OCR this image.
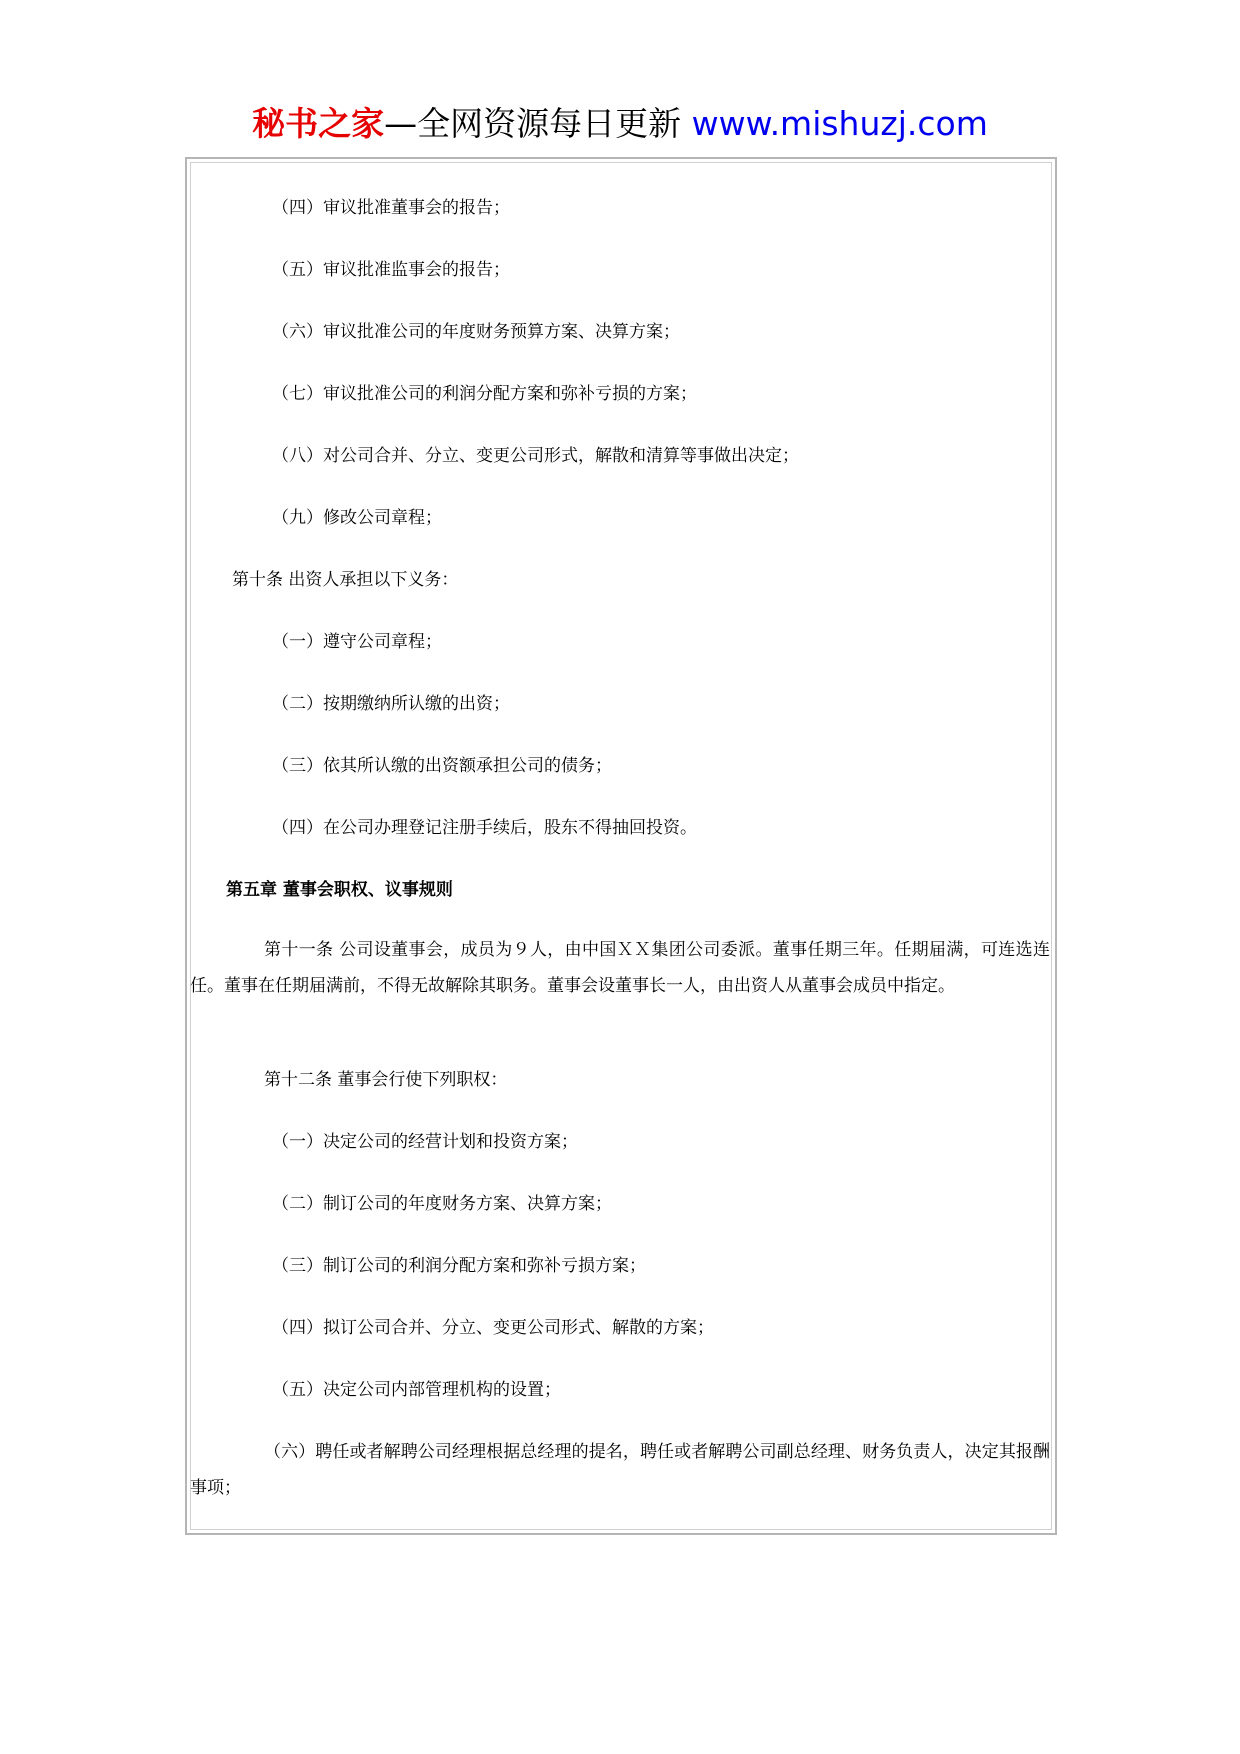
秘书之家—全网资源每日更新 www.mishuzj.com
（四）审议批准董事会的报告；
（五）审议批准监事会的报告；
（六）审议批准公司的年度财务预算方案、决算方案；
（七）审议批准公司的利润分配方案和弥补亏损的方案；
（八）对公司合并、分立、变更公司形式，解散和清算等事做出决定；
（九）修改公司章程；
第十条 出资人承担以下义务：
（一）遵守公司章程；
（二）按期缴纳所认缴的出资；
（三）依其所认缴的出资额承担公司的债务；
（四）在公司办理登记注册手续后，股东不得抽回投资。
第五章 董事会职权、议事规则
第十一条 公司设董事会，成员为９人，由中国ＸＸ集团公司委派。董事任期三年。任期届满，可连选连任。董事在任期届满前，不得无故解除其职务。董事会设董事长一人，由出资人从董事会成员中指定。
第十二条 董事会行使下列职权：
（一）决定公司的经营计划和投资方案；
（二）制订公司的年度财务方案、决算方案；
（三）制订公司的利润分配方案和弥补亏损方案；
（四）拟订公司合并、分立、变更公司形式、解散的方案；
（五）决定公司内部管理机构的设置；
（六）聘任或者解聘公司经理根据总经理的提名，聘任或者解聘公司副总经理、财务负责人，决定其报酬事项；
